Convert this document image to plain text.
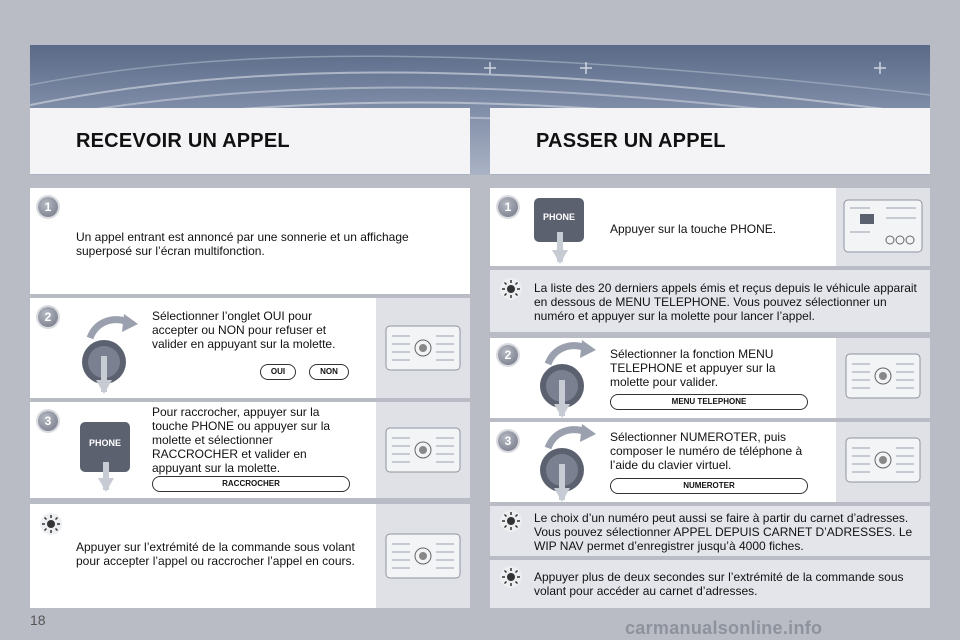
RECEVOIR UN APPEL	PASSER UN APPEL
1
Un appel entrant est annoncé par une sonnerie et un affichage superposé sur l’écran multifonction.
2	Sélectionner l’onglet OUI pour accepter ou NON pour refuser et valider en appuyant sur la molette.
OUI	NON
3
PHONE
Pour raccrocher, appuyer sur la touche PHONE ou appuyer sur la molette et sélectionner RACCROCHER et valider en appuyant sur la molette.
RACCROCHER
Appuyer sur l’extrémité de la commande sous volant pour accepter l’appel ou raccrocher l’appel en cours.
1
PHONE
Appuyer sur la touche PHONE.
La liste des 20 derniers appels émis et reçus depuis le véhicule apparait en dessous de MENU TELEPHONE. Vous pouvez sélectionner un numéro et appuyer sur la molette pour lancer l’appel.
2	Sélectionner la fonction MENU TELEPHONE et appuyer sur la molette pour valider.
MENU TELEPHONE
3	Sélectionner NUMEROTER, puis composer le numéro de téléphone à l’aide du clavier virtuel.
NUMEROTER
Le choix d’un numéro peut aussi se faire à partir du carnet d’adresses. Vous pouvez sélectionner APPEL DEPUIS CARNET D’ADRESSES. Le WIP NAV permet d’enregistrer jusqu’à 4000 fiches.
Appuyer plus de deux secondes sur l’extrémité de la commande sous volant pour accéder au carnet d’adresses.
18	carmanualsonline.info
